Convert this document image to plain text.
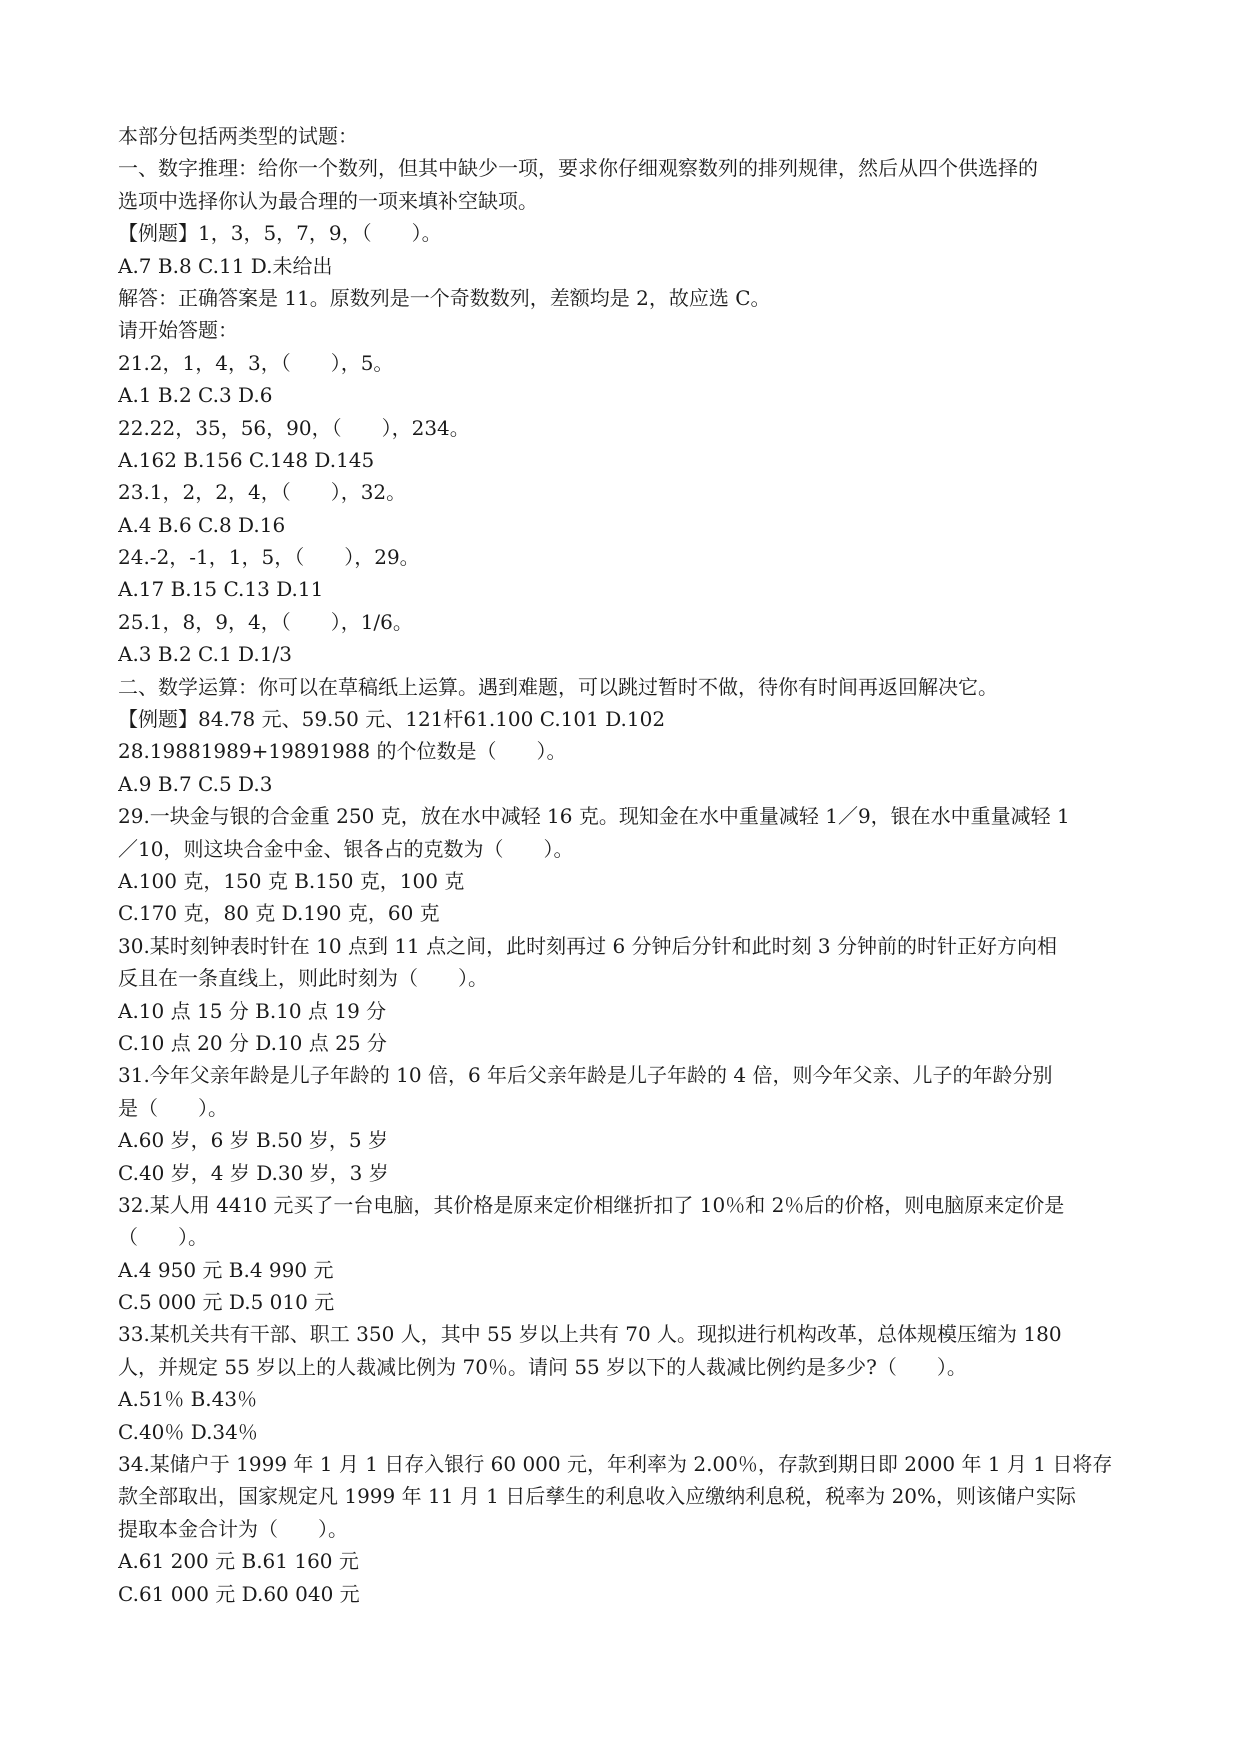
本部分包括两类型的试题：
一、数字推理：给你一个数列，但其中缺少一项，要求你仔细观察数列的排列规律，然后从四个供选择的
选项中选择你认为最合理的一项来填补空缺项。
【例题】1，3，5，7，9，（　　）。
A.7 B.8 C.11 D.未给出
解答：正确答案是 11。原数列是一个奇数数列，差额均是 2，故应选 C。
请开始答题：
21.2，1，4，3，（　　），5。
A.1 B.2 C.3 D.6
22.22，35，56，90，（　　），234。
A.162 B.156 C.148 D.145
23.1，2，2，4，（　　），32。
A.4 B.6 C.8 D.16
24.-2，-1，1，5，（　　），29。
A.17 B.15 C.13 D.11
25.1，8，9，4，（　　），1/6。
A.3 B.2 C.1 D.1/3
二、数学运算：你可以在草稿纸上运算。遇到难题，可以跳过暂时不做，待你有时间再返回解决它。
【例题】84.78 元、59.50 元、121杆61.100 C.101 D.102
28.19881989+19891988 的个位数是（　　）。
A.9 B.7 C.5 D.3
29.一块金与银的合金重 250 克，放在水中减轻 16 克。现知金在水中重量减轻 1／9，银在水中重量减轻 1
／10，则这块合金中金、银各占的克数为（　　）。
A.100 克，150 克 B.150 克，100 克
C.170 克，80 克 D.190 克，60 克
30.某时刻钟表时针在 10 点到 11 点之间，此时刻再过 6 分钟后分针和此时刻 3 分钟前的时针正好方向相
反且在一条直线上，则此时刻为（　　）。
A.10 点 15 分 B.10 点 19 分
C.10 点 20 分 D.10 点 25 分
31.今年父亲年龄是儿子年龄的 10 倍，6 年后父亲年龄是儿子年龄的 4 倍，则今年父亲、儿子的年龄分别
是（　　）。
A.60 岁，6 岁 B.50 岁，5 岁
C.40 岁，4 岁 D.30 岁，3 岁
32.某人用 4410 元买了一台电脑，其价格是原来定价相继折扣了 10％和 2％后的价格，则电脑原来定价是
（　　）。
A.4 950 元 B.4 990 元
C.5 000 元 D.5 010 元
33.某机关共有干部、职工 350 人，其中 55 岁以上共有 70 人。现拟进行机构改革，总体规模压缩为 180
人，并规定 55 岁以上的人裁减比例为 70％。请问 55 岁以下的人裁减比例约是多少?（　　）。
A.51％ B.43％
C.40％ D.34％
34.某储户于 1999 年 1 月 1 日存入银行 60 000 元，年利率为 2.00％，存款到期日即 2000 年 1 月 1 日将存
款全部取出，国家规定凡 1999 年 11 月 1 日后孳生的利息收入应缴纳利息税，税率为 20%，则该储户实际
提取本金合计为（　　）。
A.61 200 元 B.61 160 元
C.61 000 元 D.60 040 元
